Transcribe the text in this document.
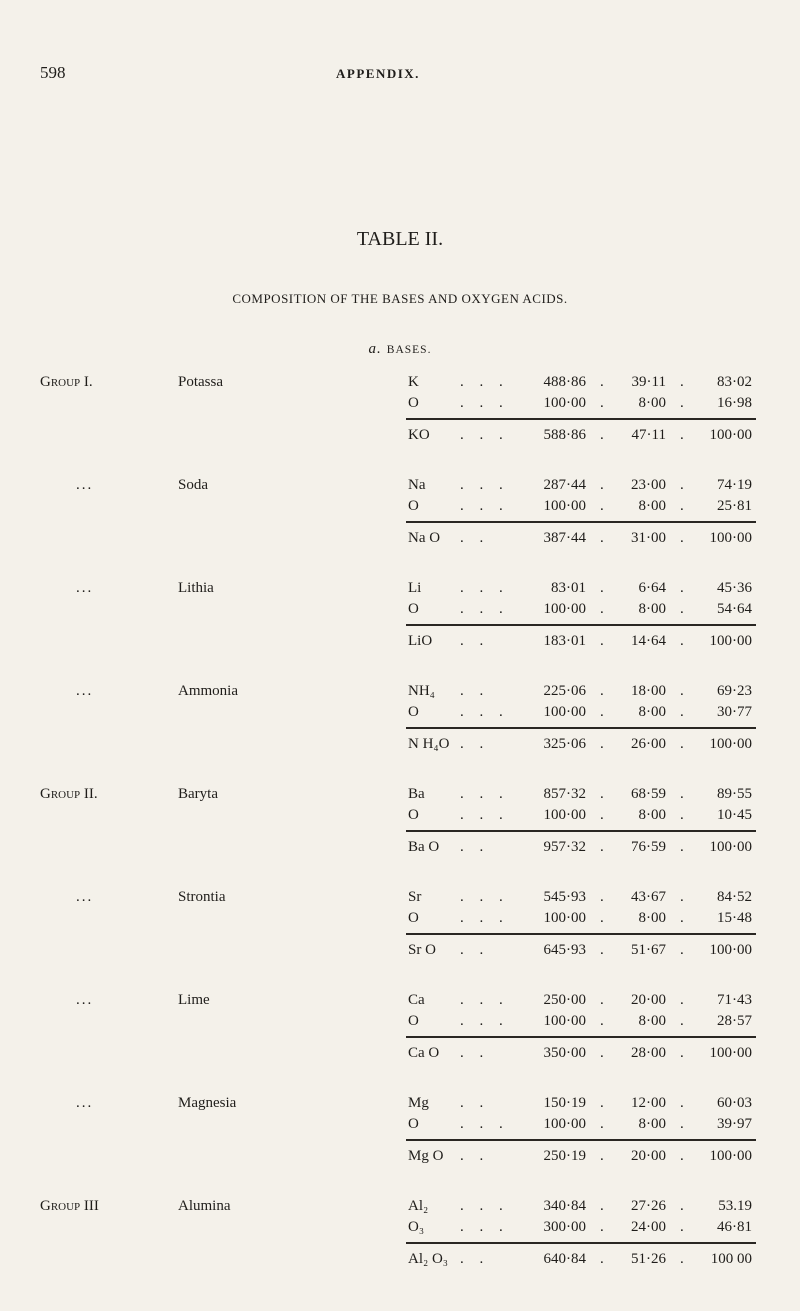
598	APPENDIX.
TABLE II.
COMPOSITION OF THE BASES AND OXYGEN ACIDS.
a. BASES.
Group I.	Potassa	K	. . . 488·86	39·11	83·02
.	.
O	. . . 100·00	8·00	16·98
.	.
KO . . . 588·86	47·11	100·00
.	.
...	Soda	Na . . . 287·44	23·00	74·19
.	.
O	. . . 100·00	8·00	25·81
.	.
Na O . .	387·44	31·00	100·00
.	.
...	Lithia	Li	. . .	83·01	6·64	45·36
.	.
O	. . . 100·00	8·00	54·64
.	.
LiO . .	183·01	14·64	100·00
.	.
...	Ammonia	NH₄ . .	225·06	18·00	69·23
.	.
O	. . . 100·00	8·00	30·77
.	.
N H₄O . .	325·06	26·00	100·00
.	.
Group II.	Baryta	Ba . . . 857·32	68·59	89·55
.	.
O	. . . 100·00	8·00	10·45
.	.
Ba O . .	957·32	76·59	100·00
.	.
...	Strontia	Sr	. . . 545·93	43·67	84·52
.	.
O	. . . 100·00	8·00	15·48
.	.
Sr O . .	645·93	51·67	100·00
.	.
...	Lime	Ca . . . 250·00	20·00	71·43
.	.
O	. . . 100·00	8·00	28·57
.	.
Ca O . .	350·00	28·00	100·00
.	.
...	Magnesia	Mg . .	150·19	12·00	60·03
.	.
O	. . . 100·00	8·00	39·97
.	.
Mg O . .	250·19	20·00	100·00
.	.
Group III	Alumina	Al₂ . . . 340·84	27·26	53.19
.	.
O₃ . . . 300·00	24·00	46·81
.	.
Al₂ O₃ . .	640·84	51·26	100 00
.	.
